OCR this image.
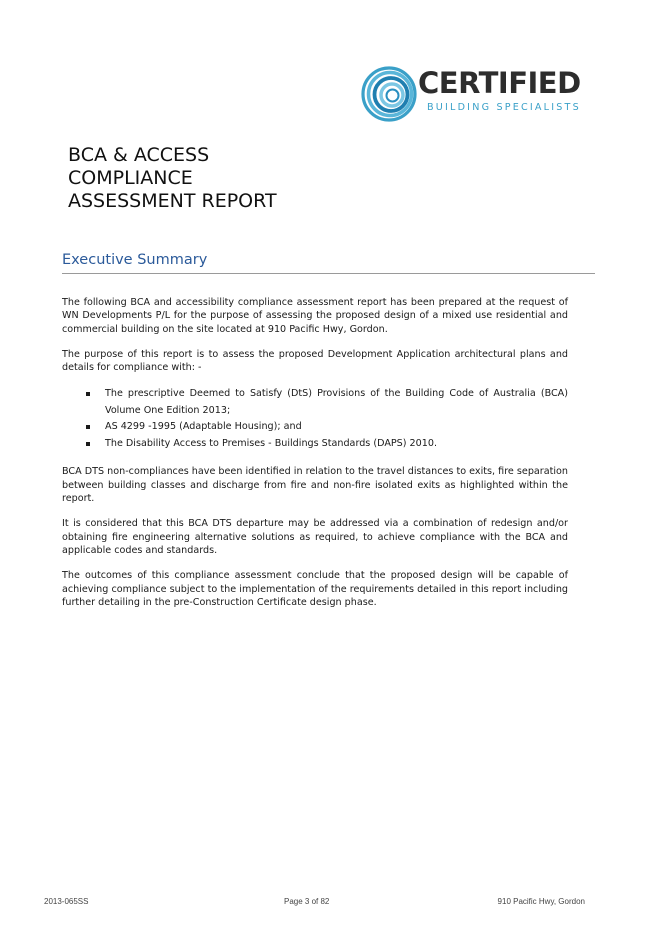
CERTIFIED
BUILDING SPECIALISTS
BCA & ACCESS
COMPLIANCE
ASSESSMENT REPORT
Executive Summary

The following BCA and accessibility compliance assessment report has been prepared at the request of WN Developments P/L for the purpose of assessing the proposed design of a mixed use residential and commercial building on the site located at 910 Pacific Hwy, Gordon.

The purpose of this report is to assess the proposed Development Application architectural plans and details for compliance with: -

The prescriptive Deemed to Satisfy (DtS) Provisions of the Building Code of Australia (BCA) Volume One Edition 2013;
AS 4299 -1995 (Adaptable Housing); and
The Disability Access to Premises - Buildings Standards (DAPS) 2010.

BCA DTS non-compliances have been identified in relation to the travel distances to exits, fire separation between building classes and discharge from fire and non-fire isolated exits as highlighted within the report.

It is considered that this BCA DTS departure may be addressed via a combination of redesign and/or obtaining fire engineering alternative solutions as required, to achieve compliance with the BCA and applicable codes and standards.

The outcomes of this compliance assessment conclude that the proposed design will be capable of achieving compliance subject to the implementation of the requirements detailed in this report including further detailing in the pre-Construction Certificate design phase.

2013-065SS	Page 3 of 82	910 Pacific Hwy, Gordon
